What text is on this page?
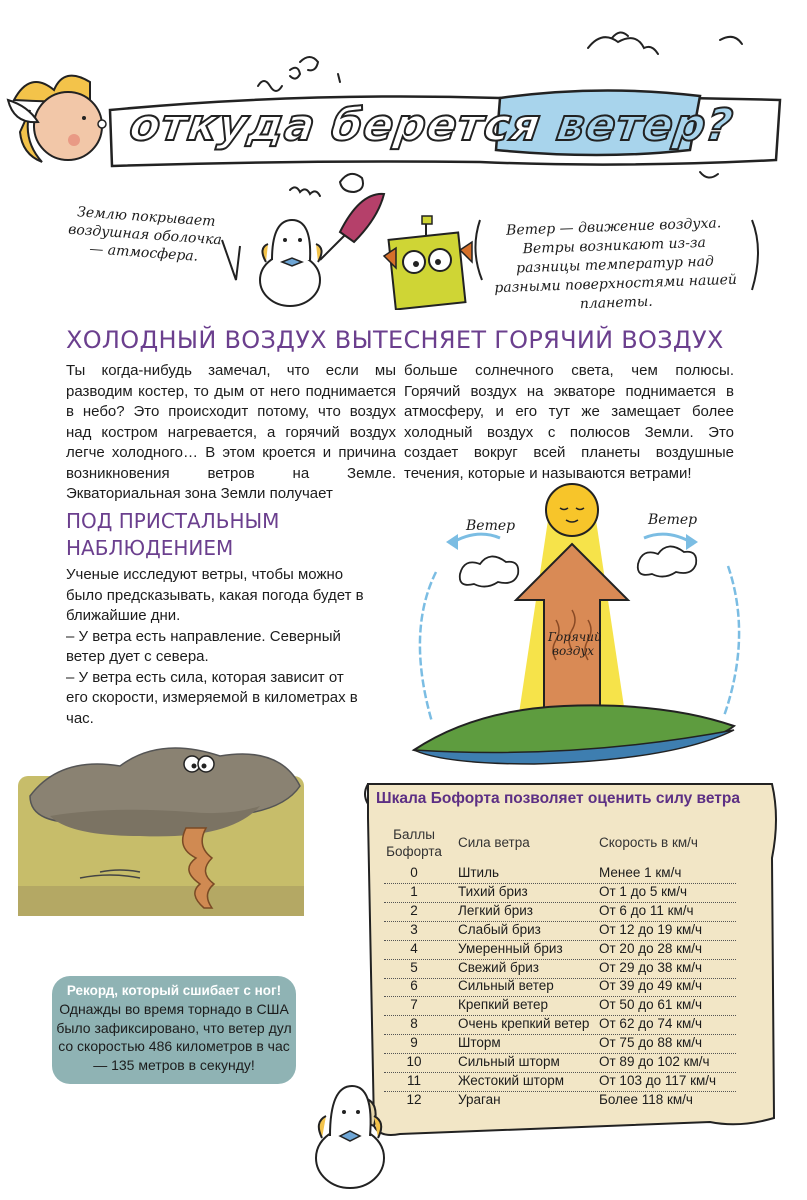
откуда берется ветер?
Землю покрывает воздушная оболочка — атмосфера.
Ветер — движение воздуха. Ветры возникают из-за разницы температур над разными поверхностями нашей планеты.
ХОЛОДНЫЙ ВОЗДУХ ВЫТЕСНЯЕТ ГОРЯЧИЙ ВОЗДУХ
Ты когда-нибудь замечал, что если мы разводим костер, то дым от него поднимается в небо? Это происходит потому, что воздух над костром нагревается, а горячий воздух легче холодного… В этом кроется и причина возникновения ветров на Земле. Экваториальная зона Земли получает
больше солнечного света, чем полюсы. Горячий воздух на экваторе поднимается в атмосферу, и его тут же замещает более холодный воздух с полюсов Земли. Это создает вокруг всей планеты воздушные течения, которые и называются ветрами!
ПОД ПРИСТАЛЬНЫМ НАБЛЮДЕНИЕМ
Ученые исследуют ветры, чтобы можно было предсказывать, какая погода будет в ближайшие дни.
– У ветра есть направление. Северный ветер дует с севера.
– У ветра есть сила, которая зависит от его скорости, измеряемой в километрах в час.
Ветер	Ветер
Горячий
воздух
Рекорд, который сшибает с ног!
Однажды во время торнадо в США было зафиксировано, что ветер дул со скоростью 486 километров в час — 135 метров в секунду!
Шкала Бофорта позволяет оценить силу ветра
Баллы
Бофорта
Сила ветра	Скорость в км/ч
0	Штиль	Менее 1 км/ч
1	Тихий бриз	От 1 до 5 км/ч
2	Легкий бриз	От 6 до 11 км/ч
3	Слабый бриз	От 12 до 19 км/ч
4	Умеренный бриз	От 20 до 28 км/ч
5	Свежий бриз	От 29 до 38 км/ч
6	Сильный ветер	От 39 до 49 км/ч
7	Крепкий ветер	От 50 до 61 км/ч
8	Очень крепкий ветер От 62 до 74 км/ч
9	Шторм	От 75 до 88 км/ч
10	Сильный шторм	От 89 до 102 км/ч
11	Жестокий шторм	От 103 до 117 км/ч
12	Ураган	Более 118 км/ч
